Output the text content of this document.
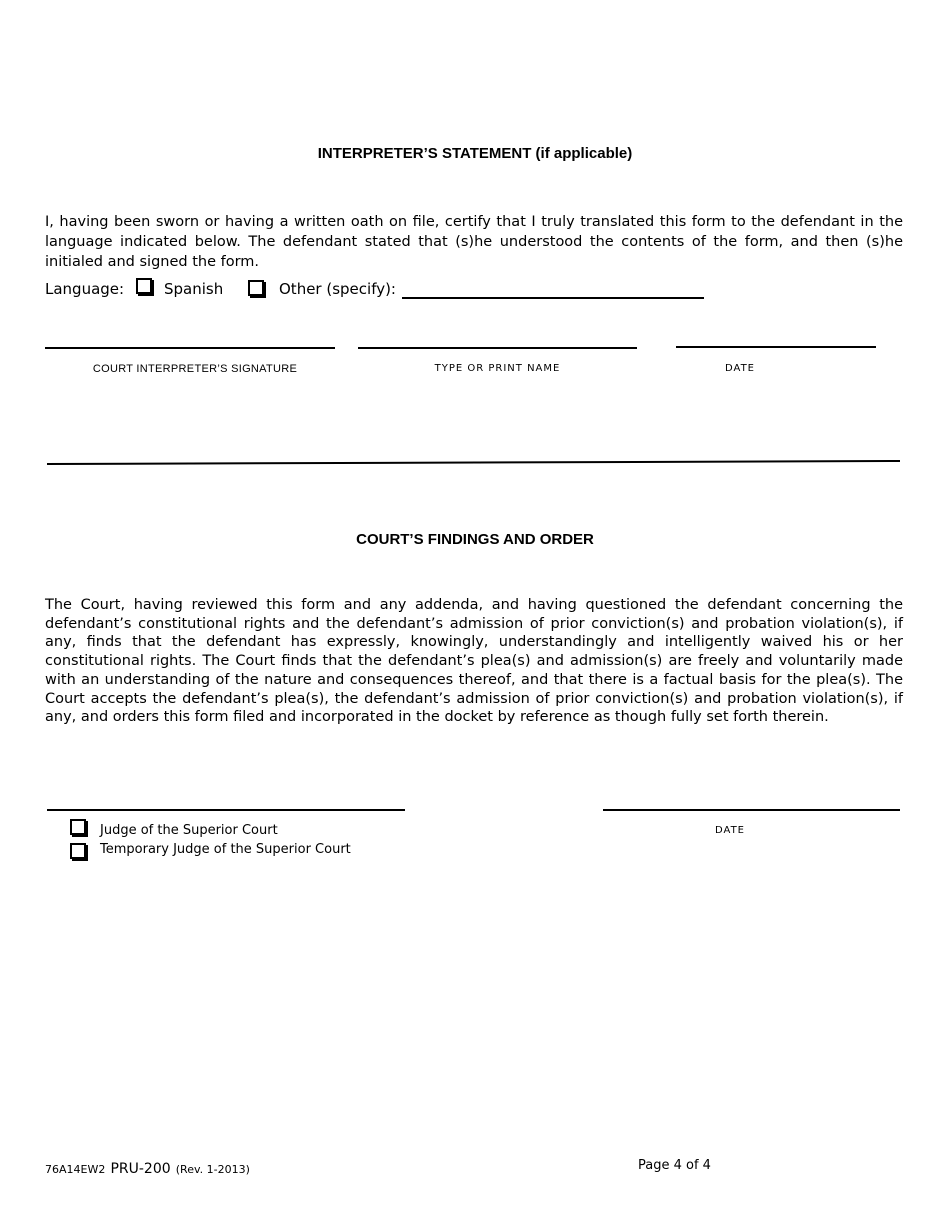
INTERPRETER’S STATEMENT (if applicable)
I, having been sworn or having a written oath on file, certify that I truly translated this form to the defendant in the language indicated below. The defendant stated that (s)he understood the contents of the form, and then (s)he initialed and signed the form.
Language:	Spanish	Other (specify):
COURT INTERPRETER’S SIGNATURE	TYPE OR PRINT NAME	DATE
COURT’S FINDINGS AND ORDER
The Court, having reviewed this form and any addenda, and having questioned the defendant concerning the defendant’s constitutional rights and the defendant’s admission of prior conviction(s) and probation violation(s), if any, finds that the defendant has expressly, knowingly, understandingly and intelligently waived his or her constitutional rights. The Court finds that the defendant’s plea(s) and admission(s) are freely and voluntarily made with an understanding of the nature and consequences thereof, and that there is a factual basis for the plea(s). The Court accepts the defendant’s plea(s), the defendant’s admission of prior conviction(s) and probation violation(s), if any, and orders this form filed and incorporated in the docket by reference as though fully set forth therein.
Judge of the Superior Court
Temporary Judge of the Superior Court
DATE
76A14EW2 PRU-200 (Rev. 1-2013)	Page 4 of 4
